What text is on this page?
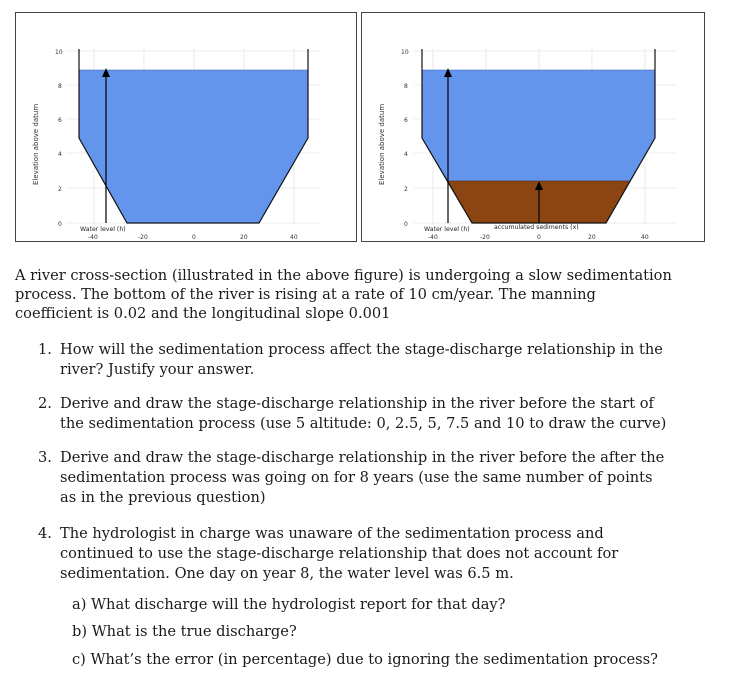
Water level (h)
0
2
4
6
8
10
-40	-20	0	20	40
Elevation above datum
Water level (h)	accumulated sediments (x)
0
2
4
6
8
10
-40	-20	0	20	40
Elevation above datum
A river cross-section (illustrated in the above figure) is undergoing a slow sedimentation process. The bottom of the river is rising at a rate of 10 cm/year. The manning coefficient is 0.02 and the longitudinal slope 0.001
1. How will the sedimentation process affect the stage-discharge relationship in the river? Justify your answer.
2. Derive and draw the stage-discharge relationship in the river before the start of the sedimentation process (use 5 altitude: 0, 2.5, 5, 7.5 and 10 to draw the curve)
3. Derive and draw the stage-discharge relationship in the river before the after the sedimentation process was going on for 8 years (use the same number of points as in the previous question)
4. The hydrologist in charge was unaware of the sedimentation process and continued to use the stage-discharge relationship that does not account for sedimentation. One day on year 8, the water level was 6.5 m.
a) What discharge will the hydrologist report for that day?
b) What is the true discharge?
c) What’s the error (in percentage) due to ignoring the sedimentation process?
